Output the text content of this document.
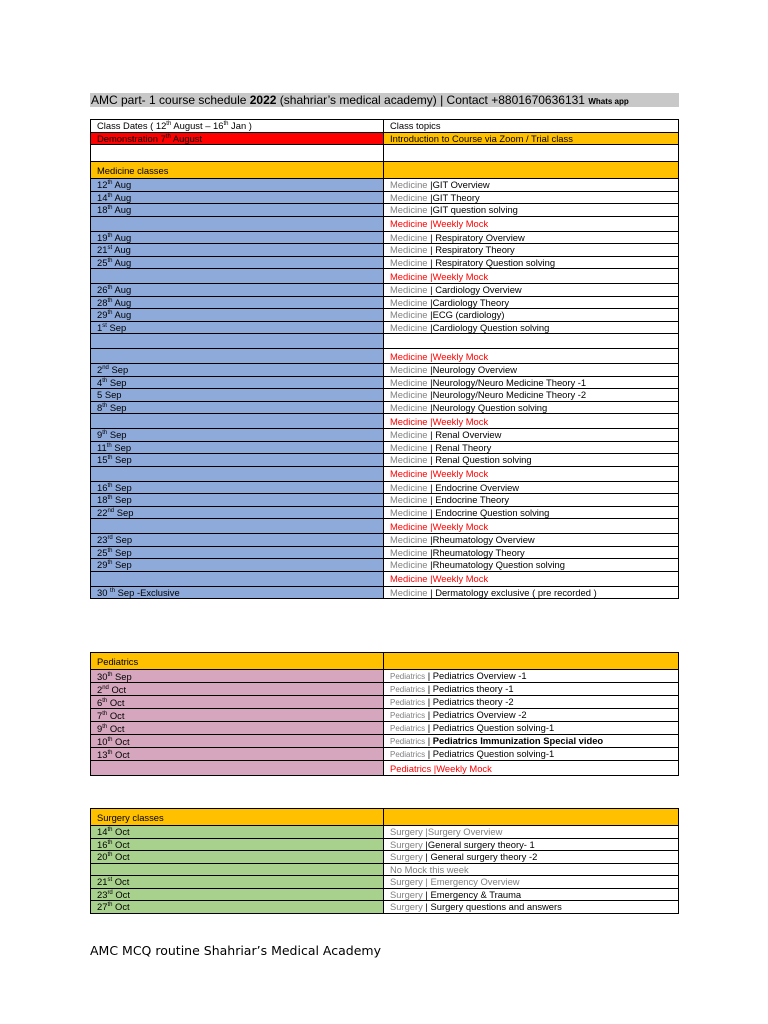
AMC part- 1 course schedule 2022 (shahriar’s medical academy) | Contact +8801670636131 Whats app
Class Dates ( 12th August – 16th Jan )	Class topics
Demonstration 7th August	Introduction to Course via Zoom / Trial class

Medicine classes	
12th Aug	Medicine |GIT Overview
14th Aug	Medicine |GIT Theory
18th Aug	Medicine |GIT question solving
	Medicine |Weekly Mock
19th Aug	Medicine | Respiratory Overview
21st Aug	Medicine | Respiratory Theory
25th Aug	Medicine | Respiratory Question solving
	Medicine |Weekly Mock
26th Aug	Medicine | Cardiology Overview
28th Aug	Medicine |Cardiology Theory
29th Aug	Medicine |ECG (cardiology)
1st Sep	Medicine |Cardiology Question solving

	Medicine |Weekly Mock
2nd Sep	Medicine |Neurology Overview
4th Sep	Medicine |Neurology/Neuro Medicine Theory -1
5 Sep	Medicine |Neurology/Neuro Medicine Theory -2
8th Sep	Medicine |Neurology Question solving
	Medicine |Weekly Mock
9th Sep	Medicine | Renal Overview
11th Sep	Medicine | Renal Theory
15th Sep	Medicine | Renal Question solving
	Medicine |Weekly Mock
16th Sep	Medicine | Endocrine Overview
18th Sep	Medicine | Endocrine Theory
22nd Sep	Medicine | Endocrine Question solving
	Medicine |Weekly Mock
23rd Sep	Medicine |Rheumatology Overview
25th Sep	Medicine |Rheumatology Theory
29th Sep	Medicine |Rheumatology Question solving
	Medicine |Weekly Mock
30 $^{th}$ Sep -Exclusive	Medicine | Dermatology exclusive ( pre recorded )
Pediatrics	
30th Sep	Pediatrics | Pediatrics Overview -1
2nd Oct	Pediatrics | Pediatrics theory -1
6th Oct	Pediatrics | Pediatrics theory -2
7th Oct	Pediatrics | Pediatrics Overview -2
9th Oct	Pediatrics | Pediatrics Question solving-1
10th Oct	Pediatrics | Pediatrics Immunization Special video
13th Oct	Pediatrics | Pediatrics Question solving-1
	Pediatrics |Weekly Mock
Surgery classes	
14th Oct	Surgery |Surgery Overview
16th Oct	Surgery |General surgery theory- 1
20th Oct	Surgery | General surgery theory -2
	No Mock this week
21st Oct	Surgery | Emergency Overview
23rd Oct	Surgery | Emergency & Trauma
27th Oct	Surgery | Surgery questions and answers
AMC MCQ routine Shahriar’s Medical Academy
